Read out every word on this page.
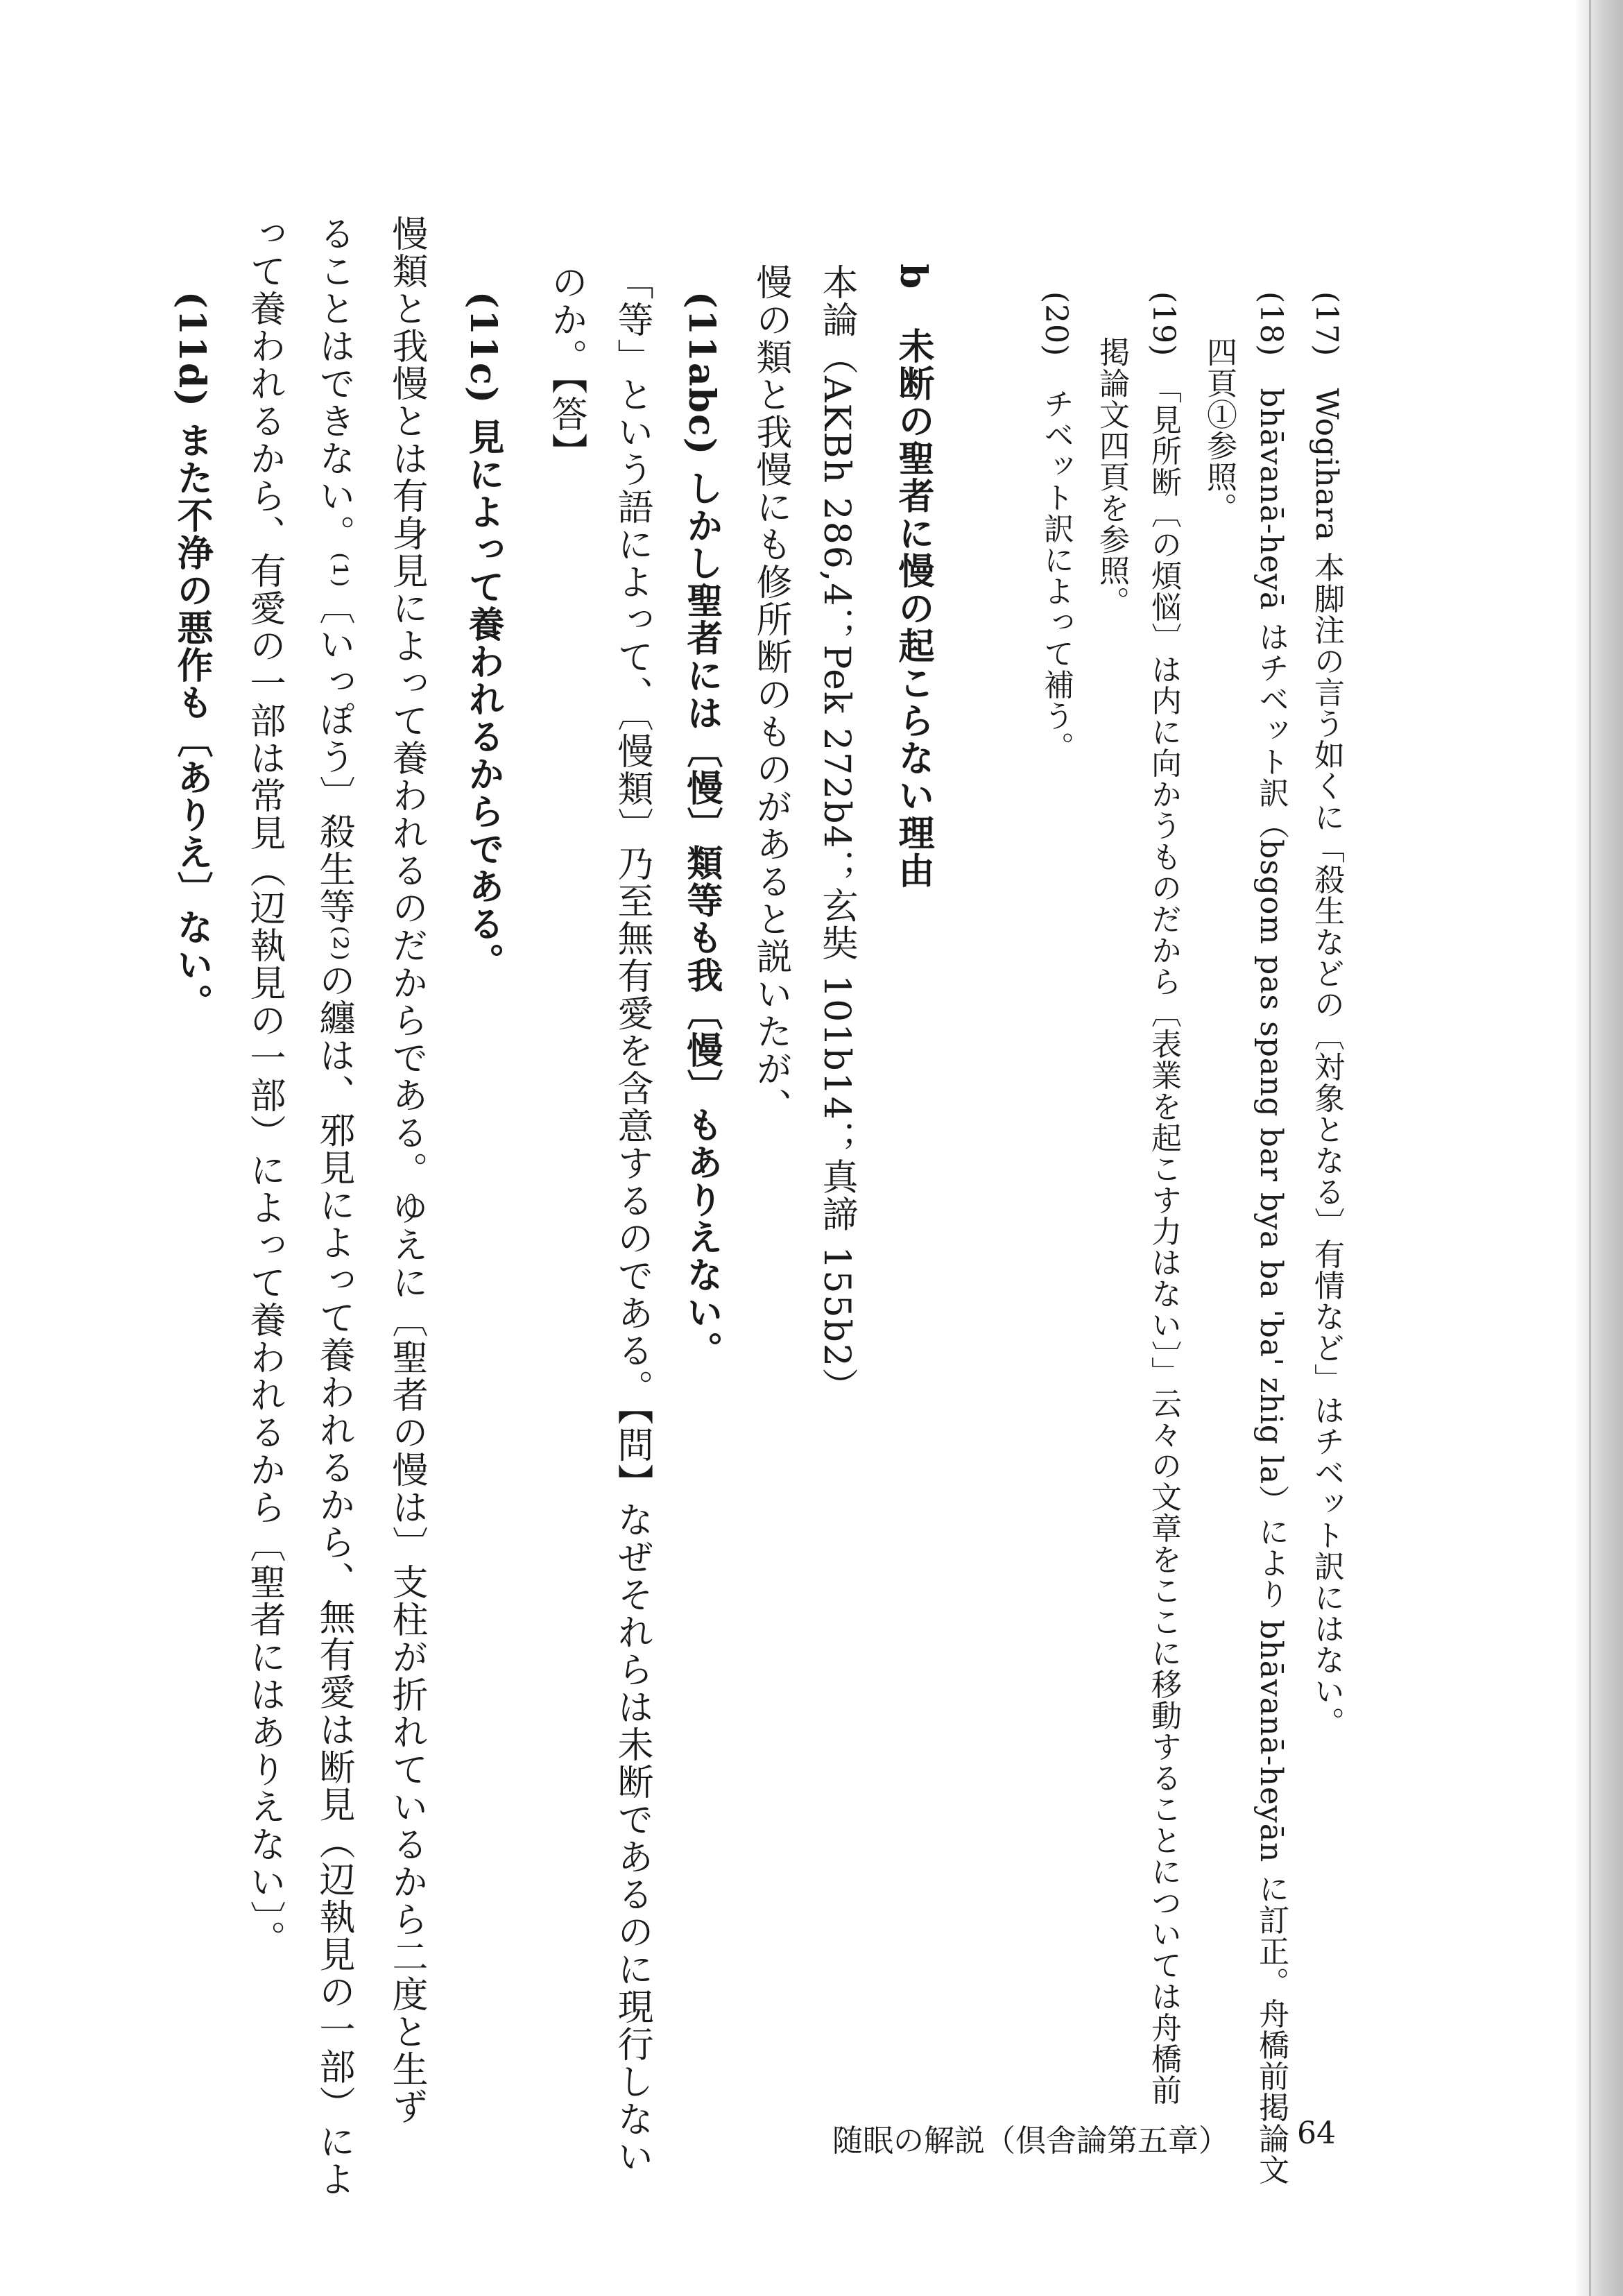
(17)　Wogihara 本脚注の言う如くに「殺生などの〔対象となる〕有情など」はチベット訳にはない。
(18)　bhāvanā-heyā はチベット訳（bsgom pas spang bar bya ba 'ba' zhig la）により bhāvanā-heyān に訂正。舟橋前掲論文
四頁①参照。
(19)　「見所断〔の煩悩〕は内に向かうものだから〔表業を起こす力はない〕」云々の文章をここに移動することについては舟橋前
掲論文四頁を参照。
(20)　チベット訳によって補う。
b　未断の聖者に慢の起こらない理由
本論（AKBh 286,4；Pek 272b4；玄奘 101b14；真諦 155b2）
慢の類と我慢にも修所断のものがあると説いたが、
(11abc) しかし聖者には〔慢〕類等も我〔慢〕もありえない。
「等」という語によって、〔慢類〕乃至無有愛を含意するのである。【問】なぜそれらは未断であるのに現行しない
のか。【答】
(11c) 見によって養われるからである。
慢類と我慢とは有身見によって養われるのだからである。ゆえに〔聖者の慢は〕支柱が折れているから二度と生ず
ることはできない。⁽¹⁾〔いっぽう〕殺生等⁽²⁾の纏は、邪見によって養われるから、無有愛は断見（辺執見の一部）によ
って養われるから、有愛の一部は常見（辺執見の一部）によって養われるから〔聖者にはありえない〕。
(11d) また不浄の悪作も〔ありえ〕ない。
随眠の解説（倶舎論第五章） 64
